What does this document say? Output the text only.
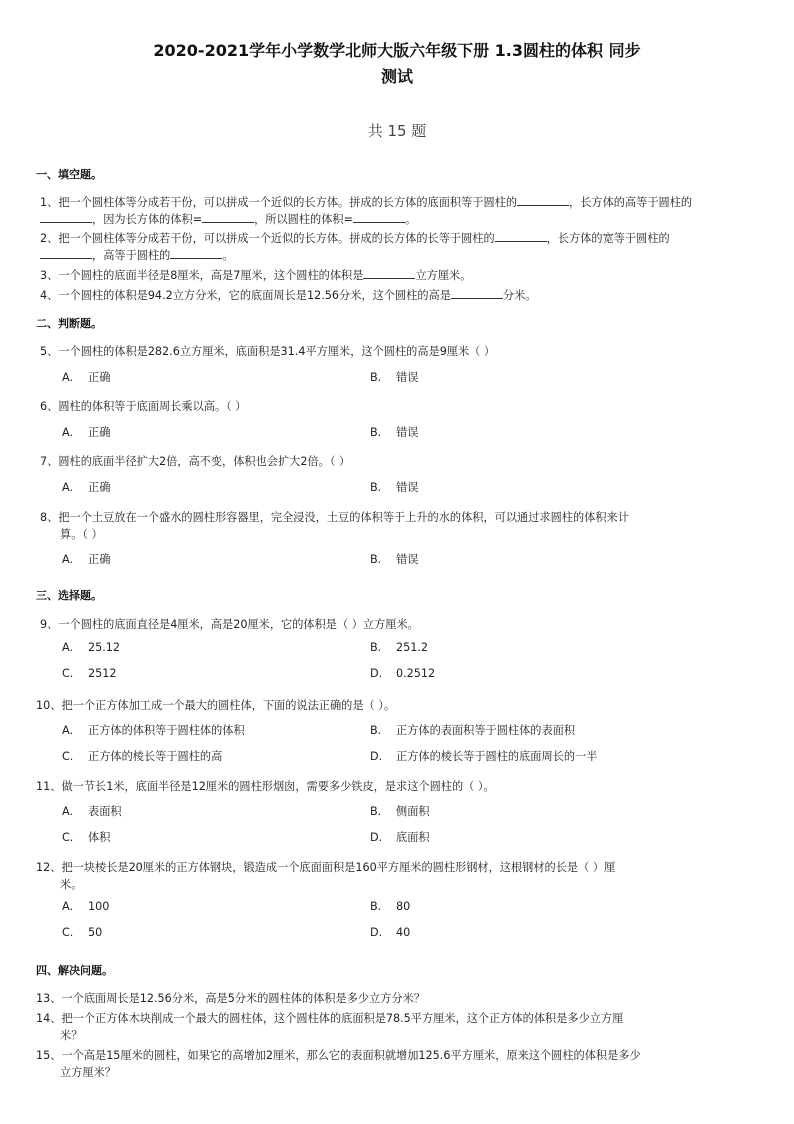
2020-2021学年小学数学北师大版六年级下册 1.3圆柱的体积 同步
测试
共 15 题
一、填空题。
1、把一个圆柱体等分成若干份，可以拼成一个近似的长方体。拼成的长方体的底面积等于圆柱的	，长方体的高等于圆柱的，因为长方体的体积=	，所以圆柱的体积=	。
2、把一个圆柱体等分成若干份，可以拼成一个近似的长方体。拼成的长方体的长等于圆柱的	，长方体的宽等于圆柱的，高等于圆柱的	。
3、一个圆柱的底面半径是8厘米，高是7厘米，这个圆柱的体积是	立方厘米。
4、一个圆柱的体积是94.2立方分米，它的底面周长是12.56分米，这个圆柱的高是	分米。
二、判断题。
5、一个圆柱的体积是282.6立方厘米，底面积是31.4平方厘米，这个圆柱的高是9厘米（ ）
A. 正确	B. 错误
6、圆柱的体积等于底面周长乘以高。（ ）
A. 正确	B. 错误
7、圆柱的底面半径扩大2倍，高不变，体积也会扩大2倍。（ ）
A. 正确	B. 错误
8、把一个土豆放在一个盛水的圆柱形容器里，完全浸没，土豆的体积等于上升的水的体积，可以通过求圆柱的体积来计
算。（ ）
A. 正确	B. 错误
三、选择题。
9、一个圆柱的底面直径是4厘米，高是20厘米，它的体积是（ ）立方厘米。
A. 25.12	B. 251.2
C. 2512	D. 0.2512
10、把一个正方体加工成一个最大的圆柱体，下面的说法正确的是（ ）。
A. 正方体的体积等于圆柱体的体积	B. 正方体的表面积等于圆柱体的表面积
C. 正方体的棱长等于圆柱的高	D. 正方体的棱长等于圆柱的底面周长的一半
11、做一节长1米，底面半径是12厘米的圆柱形烟囱，需要多少铁皮，是求这个圆柱的（ ）。
A. 表面积	B. 侧面积
C. 体积	D. 底面积
12、把一块棱长是20厘米的正方体钢块，锻造成一个底面面积是160平方厘米的圆柱形钢材，这根钢材的长是（ ）厘
米。
A. 100	B. 80
C. 50	D. 40
四、解决问题。
13、一个底面周长是12.56分米，高是5分米的圆柱体的体积是多少立方分米？
14、把一个正方体木块削成一个最大的圆柱体，这个圆柱体的底面积是78.5平方厘米，这个正方体的体积是多少立方厘
米？
15、一个高是15厘米的圆柱，如果它的高增加2厘米，那么它的表面积就增加125.6平方厘米，原来这个圆柱的体积是多少
立方厘米？
